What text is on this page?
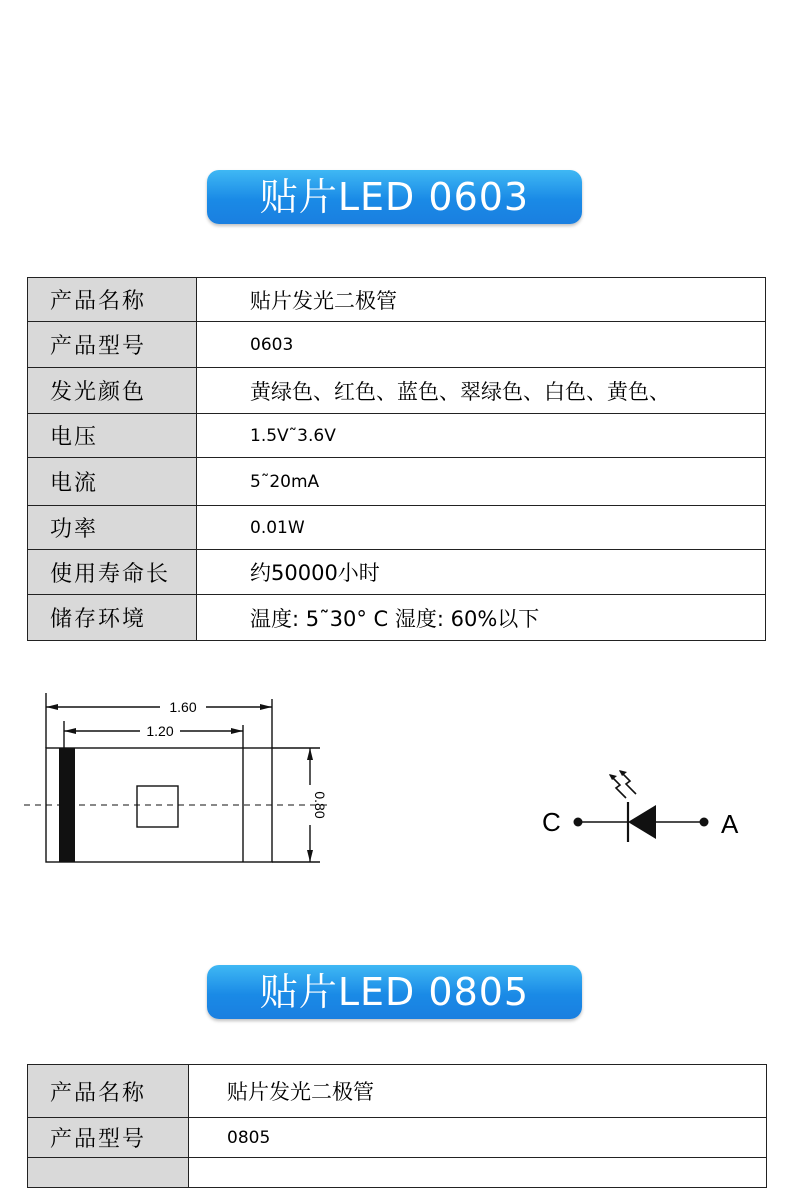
贴片LED 0603
产品名称	贴片发光二极管
产品型号	0603
发光颜色	黄绿色、红色、蓝色、翠绿色、白色、黄色、
电压	1.5V˜3.6V
电流	5˜20mA
功率	0.01W
使用寿命长	约50000小时
储存环境	温度: 5˜30° C 湿度: 60%以下
1.60
1.20
0.80
C	A
贴片LED 0805
产品名称	贴片发光二极管
产品型号	0805
